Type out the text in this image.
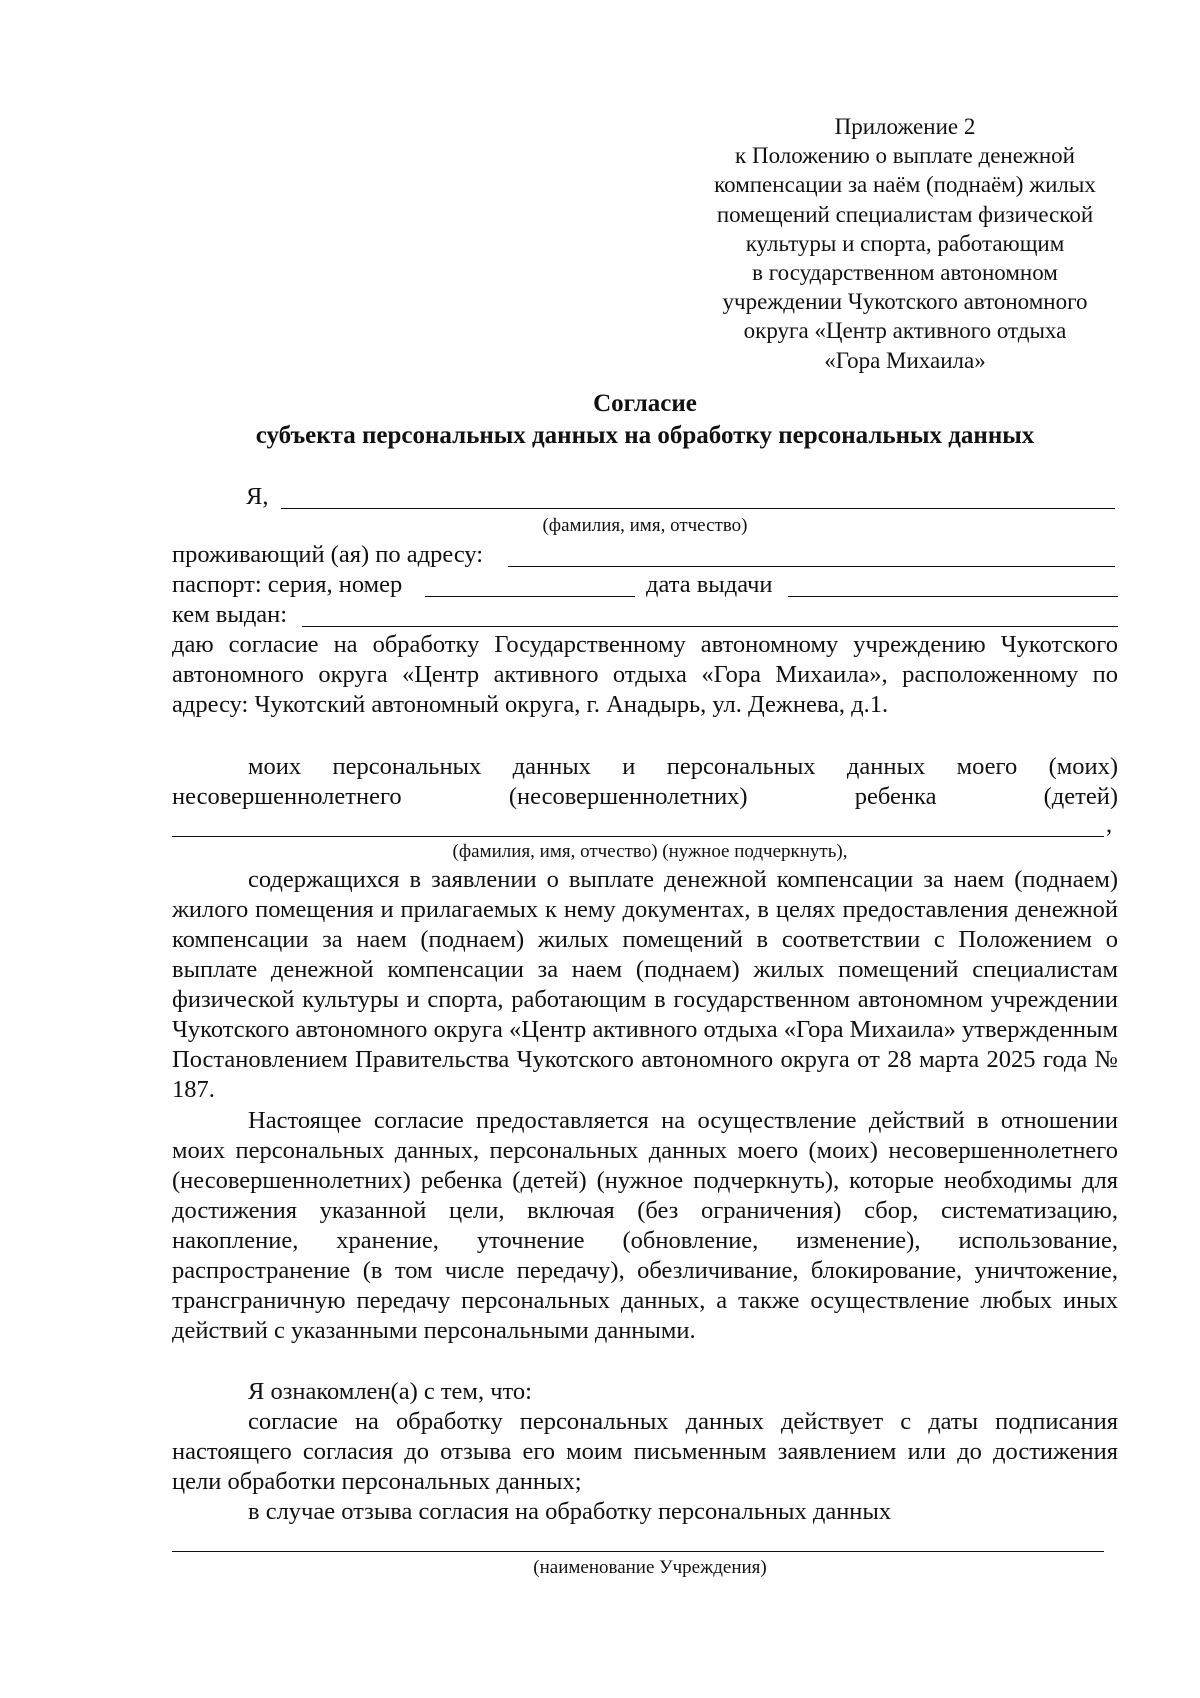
Приложение 2
к Положению о выплате денежной
компенсации за наём (поднаём) жилых
помещений специалистам физической
культуры и спорта, работающим
в государственном автономном
учреждении Чукотского автономного
округа «Центр активного отдыха
«Гора Михаила»
Согласие
субъекта персональных данных на обработку персональных данных
Я,
(фамилия, имя, отчество)
проживающий (ая) по адресу:
паспорт: серия, номер	дата выдачи
кем выдан:

даю согласие на обработку Государственному автономному учреждению Чукотского автономного округа «Центр активного отдыха «Гора Михаила», расположенному по адресу: Чукотский автономный округа, г. Анадырь, ул. Дежнева, д.1.

моих персональных данных и персональных данных моего (моих)
несовершеннолетнего (несовершеннолетних) ребенка (детей)
,
(фамилия, имя, отчество) (нужное подчеркнуть),

содержащихся в заявлении о выплате денежной компенсации за наем (поднаем) жилого помещения и прилагаемых к нему документах, в целях предоставления денежной компенсации за наем (поднаем) жилых помещений в соответствии с Положением о выплате денежной компенсации за наем (поднаем) жилых помещений специалистам физической культуры и спорта, работающим в государственном автономном учреждении Чукотского автономного округа «Центр активного отдыха «Гора Михаила» утвержденным Постановлением Правительства Чукотского автономного округа от 28 марта 2025 года № 187.

Настоящее согласие предоставляется на осуществление действий в отношении моих персональных данных, персональных данных моего (моих) несовершеннолетнего (несовершеннолетних) ребенка (детей) (нужное подчеркнуть), которые необходимы для достижения указанной цели, включая (без ограничения) сбор, систематизацию, накопление, хранение, уточнение (обновление, изменение), использование, распространение (в том числе передачу), обезличивание, блокирование, уничтожение, трансграничную передачу персональных данных, а также осуществление любых иных действий с указанными персональными данными.

Я ознакомлен(а) с тем, что:

согласие на обработку персональных данных действует с даты подписания настоящего согласия до отзыва его моим письменным заявлением или до достижения цели обработки персональных данных;

в случае отзыва согласия на обработку персональных данных

(наименование Учреждения)
